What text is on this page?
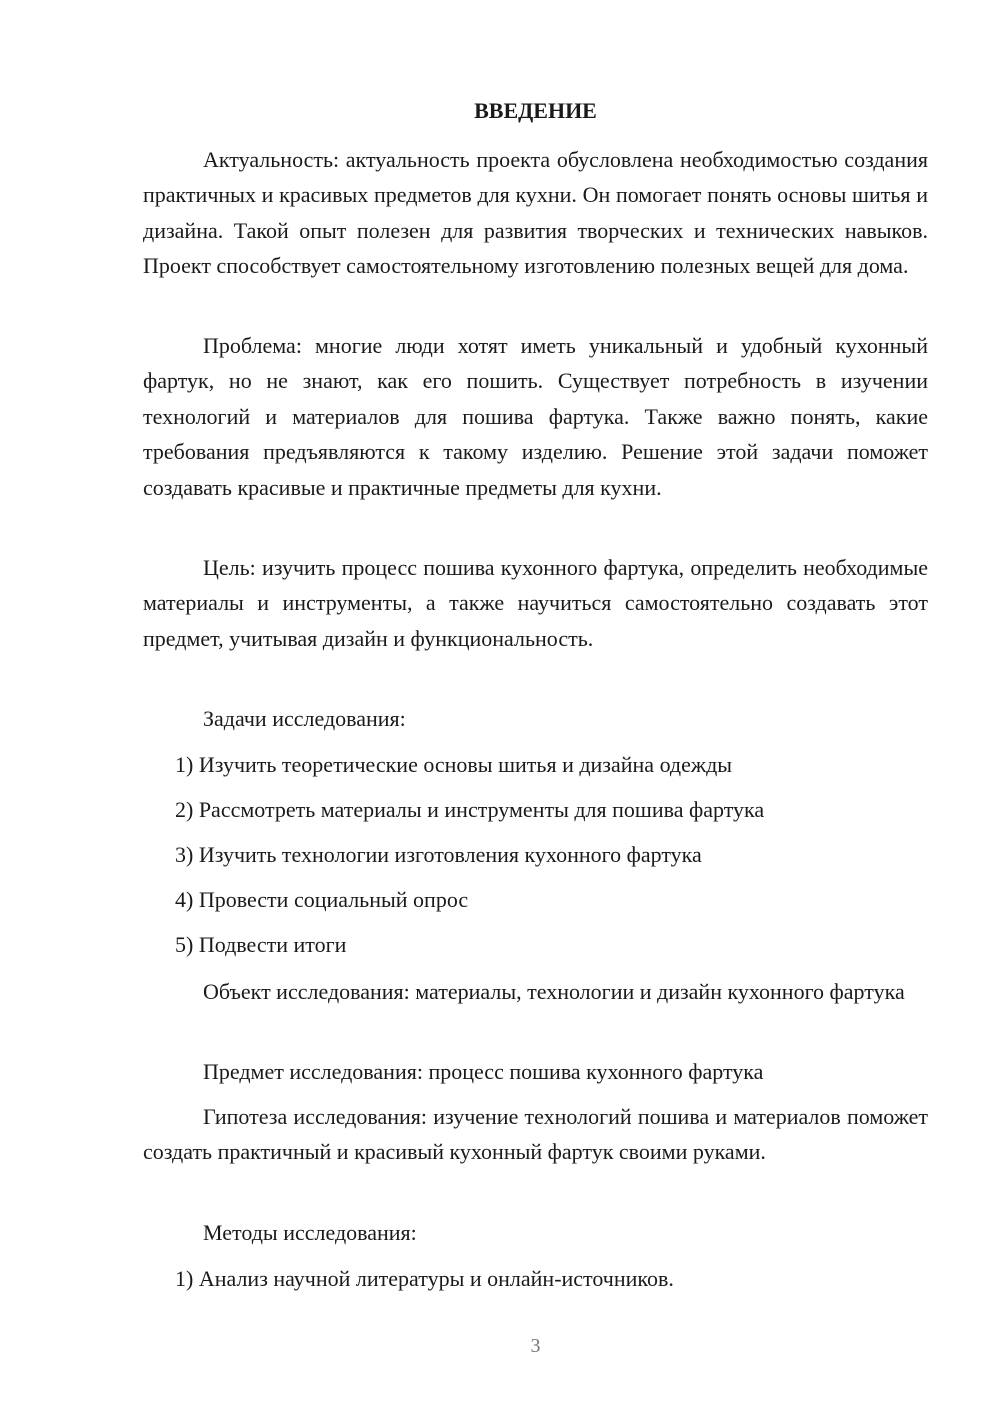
ВВЕДЕНИЕ

Актуальность: актуальность проекта обусловлена необходимостью создания практичных и красивых предметов для кухни. Он помогает понять основы шитья и дизайна. Такой опыт полезен для развития творческих и технических навыков. Проект способствует самостоятельному изготовлению полезных вещей для дома.

Проблема: многие люди хотят иметь уникальный и удобный кухонный фартук, но не знают, как его пошить. Существует потребность в изучении технологий и материалов для пошива фартука. Также важно понять, какие требования предъявляются к такому изделию. Решение этой задачи поможет создавать красивые и практичные предметы для кухни.

Цель: изучить процесс пошива кухонного фартука, определить необходимые материалы и инструменты, а также научиться самостоятельно создавать этот предмет, учитывая дизайн и функциональность.

Задачи исследования:

1) Изучить теоретические основы шитья и дизайна одежды

2) Рассмотреть материалы и инструменты для пошива фартука

3) Изучить технологии изготовления кухонного фартука

4) Провести социальный опрос

5) Подвести итоги

Объект исследования: материалы, технологии и дизайн кухонного фартука

Предмет исследования: процесс пошива кухонного фартука

Гипотеза исследования: изучение технологий пошива и материалов поможет создать практичный и красивый кухонный фартук своими руками.

Методы исследования:

1) Анализ научной литературы и онлайн-источников.

3
